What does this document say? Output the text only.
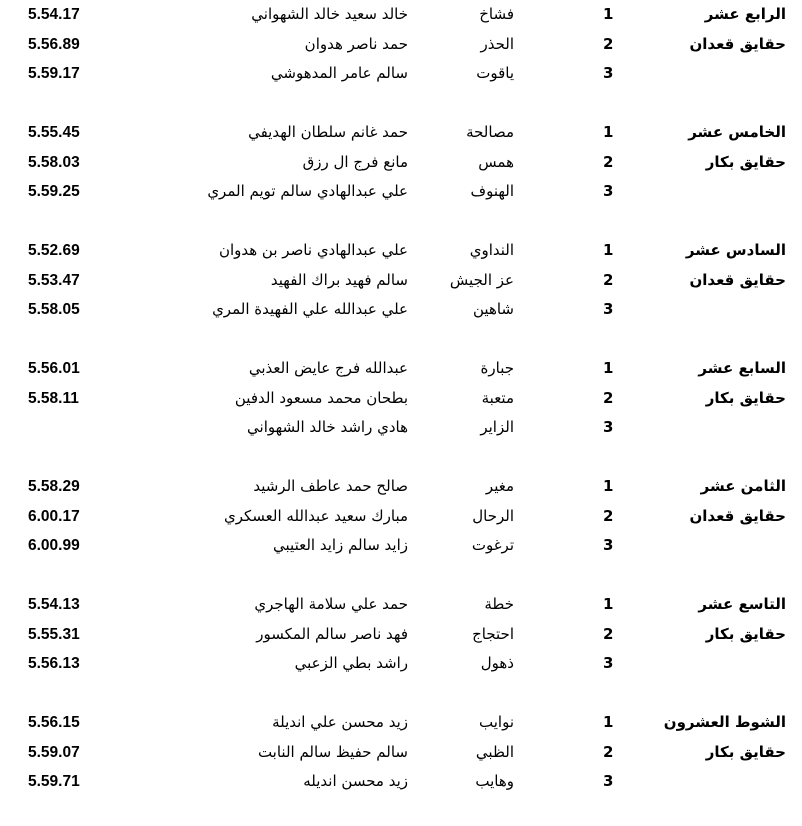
الرابع عشر
1
فشاخ
خالد سعيد خالد الشهواني
5.54.17
حقايق قعدان
2
الحذر
حمد ناصر هدوان
5.56.89
3
ياقوت
سالم عامر المدهوشي
5.59.17
الخامس عشر
1
مصالحة
حمد غانم سلطان الهديفي
5.55.45
حقايق بكار
2
همس
مانع فرج ال رزق
5.58.03
3
الهنوف
علي عبدالهادي سالم تويم المري
5.59.25
السادس عشر
1
النداوي
علي عبدالهادي ناصر بن هدوان
5.52.69
حقايق قعدان
2
عز الجيش
سالم فهيد براك الفهيد
5.53.47
3
شاهين
علي عبدالله علي الفهيدة المري
5.58.05
السابع عشر
1
جبارة
عبدالله فرج عايض العذبي
5.56.01
حقايق بكار
2
متعبة
بطحان محمد مسعود الدفين
5.58.11
3
الزاير
هادي راشد خالد الشهواني
الثامن عشر
1
مغير
صالح حمد عاطف الرشيد
5.58.29
حقايق قعدان
2
الرحال
مبارك سعيد عبدالله العسكري
6.00.17
3
ترغوت
زايد سالم زايد العتيبي
6.00.99
التاسع عشر
1
خطة
حمد علي سلامة الهاجري
5.54.13
حقايق بكار
2
احتجاج
فهد ناصر سالم المكسور
5.55.31
3
ذهول
راشد بطي الزعبي
5.56.13
الشوط العشرون
1
نوايب
زيد محسن علي انديلة
5.56.15
حقايق بكار
2
الظبي
سالم حفيظ سالم النابت
5.59.07
3
وهايب
زيد محسن انديله
5.59.71
